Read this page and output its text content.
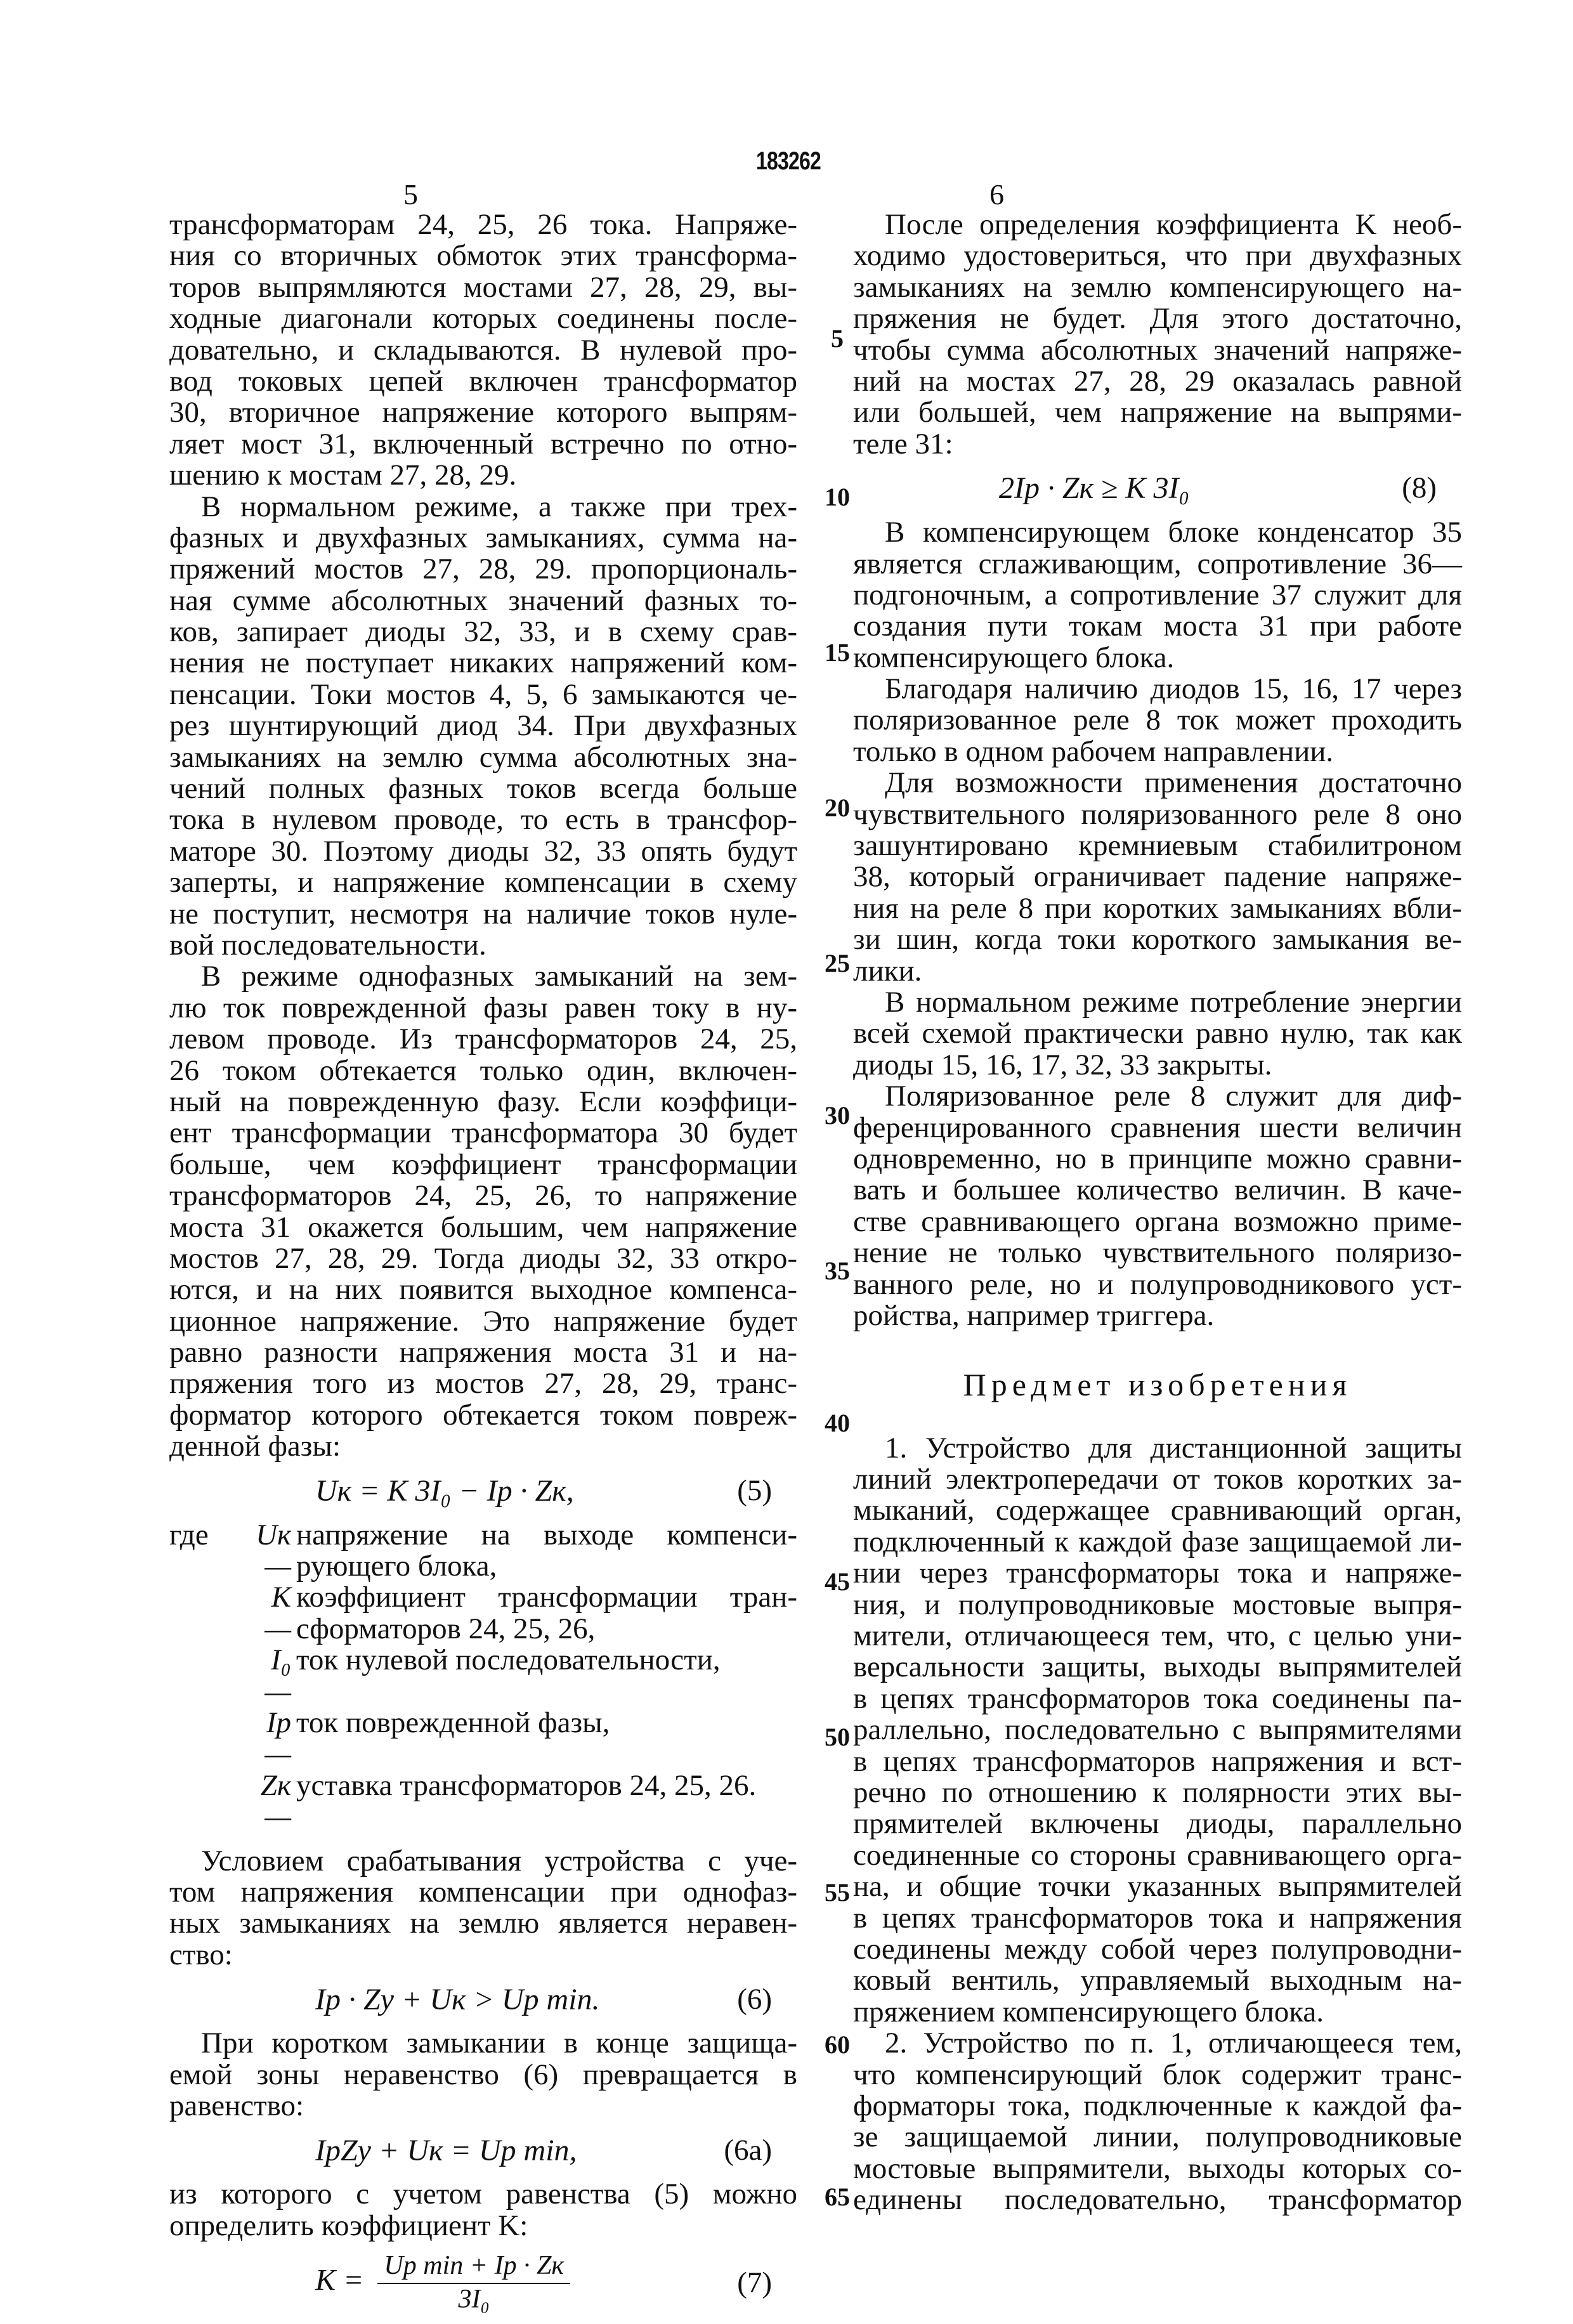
183262
5	6
5
10
15
20
25
30
35
40
45
50
55
60
65
трансформаторам 24, 25, 26 тока. Напряже-
ния со вторичных обмоток этих трансформа-
торов выпрямляются мостами 27, 28, 29, вы-
ходные диагонали которых соединены после-
довательно, и складываются. В нулевой про-
вод токовых цепей включен трансформатор
30, вторичное напряжение которого выпрям-
ляет мост 31, включенный встречно по отно-
шению к мостам 27, 28, 29.
В нормальном режиме, а также при трех-
фазных и двухфазных замыканиях, сумма на-
пряжений мостов 27, 28, 29. пропорциональ-
ная сумме абсолютных значений фазных то-
ков, запирает диоды 32, 33, и в схему срав-
нения не поступает никаких напряжений ком-
пенсации. Токи мостов 4, 5, 6 замыкаются че-
рез шунтирующий диод 34. При двухфазных
замыканиях на землю сумма абсолютных зна-
чений полных фазных токов всегда больше
тока в нулевом проводе, то есть в трансфор-
маторе 30. Поэтому диоды 32, 33 опять будут
заперты, и напряжение компенсации в схему
не поступит, несмотря на наличие токов нуле-
вой последовательности.
В режиме однофазных замыканий на зем-
лю ток поврежденной фазы равен току в ну-
левом проводе. Из трансформаторов 24, 25,
26 током обтекается только один, включен-
ный на поврежденную фазу. Если коэффици-
ент трансформации трансформатора 30 будет
больше, чем коэффициент трансформации
трансформаторов 24, 25, 26, то напряжение
моста 31 окажется большим, чем напряжение
мостов 27, 28, 29. Тогда диоды 32, 33 откро-
ются, и на них появится выходное компенса-
ционное напряжение. Это напряжение будет
равно разности напряжения моста 31 и на-
пряжения того из мостов 27, 28, 29, транс-
форматор которого обтекается током повреж-
денной фазы:
Uк = K 3I₀ − Iр · Zк,	(5)
где	Uк —
напряжение на выходе компенси-рующего блока,
K —
коэффициент трансформации тран-сформаторов 24, 25, 26,
I₀ —
ток нулевой последовательности,
Iр —
ток поврежденной фазы,
Zк —
уставка трансформаторов 24, 25, 26.
Условием срабатывания устройства с уче-
том напряжения компенсации при однофаз-
ных замыканиях на землю является неравен-
ство:
Iр · Zу + Uк > Uр min.	(6)
При коротком замыкании в конце защища-
емой зоны неравенство (6) превращается в
равенство:
IрZу + Uк = Uр min,	(6a)
из которого с учетом равенства (5) можно
определить коэффициент K:
$K = \frac{\text{Uр min + Iр · Zк}}{\text{3I₀}}$	(7)
После определения коэффициента K необ-
ходимо удостовериться, что при двухфазных
замыканиях на землю компенсирующего на-
пряжения не будет. Для этого достаточно,
чтобы сумма абсолютных значений напряже-
ний на мостах 27, 28, 29 оказалась равной
или большей, чем напряжение на выпрями-
теле 31:
2Iр · Zк ≥ K 3I₀	(8)
В компенсирующем блоке конденсатор 35
является сглаживающим, сопротивление 36—
подгоночным, а сопротивление 37 служит для
создания пути токам моста 31 при работе
компенсирующего блока.
Благодаря наличию диодов 15, 16, 17 через
поляризованное реле 8 ток может проходить
только в одном рабочем направлении.
Для возможности применения достаточно
чувствительного поляризованного реле 8 оно
зашунтировано кремниевым стабилитроном
38, который ограничивает падение напряже-
ния на реле 8 при коротких замыканиях вбли-
зи шин, когда токи короткого замыкания ве-
лики.
В нормальном режиме потребление энергии
всей схемой практически равно нулю, так как
диоды 15, 16, 17, 32, 33 закрыты.
Поляризованное реле 8 служит для диф-
ференцированного сравнения шести величин
одновременно, но в принципе можно сравни-
вать и большее количество величин. В каче-
стве сравнивающего органа возможно приме-
нение не только чувствительного поляризо-
ванного реле, но и полупроводникового уст-
ройства, например триггера.
Предмет изобретения
1. Устройство для дистанционной защиты
линий электропередачи от токов коротких за-
мыканий, содержащее сравнивающий орган,
подключенный к каждой фазе защищаемой ли-
нии через трансформаторы тока и напряже-
ния, и полупроводниковые мостовые выпря-
мители, отличающееся тем, что, с целью уни-
версальности защиты, выходы выпрямителей
в цепях трансформаторов тока соединены па-
раллельно, последовательно с выпрямителями
в цепях трансформаторов напряжения и вст-
речно по отношению к полярности этих вы-
прямителей включены диоды, параллельно
соединенные со стороны сравнивающего орга-
на, и общие точки указанных выпрямителей
в цепях трансформаторов тока и напряжения
соединены между собой через полупроводни-
ковый вентиль, управляемый выходным на-
пряжением компенсирующего блока.
2. Устройство по п. 1, отличающееся тем,
что компенсирующий блок содержит транс-
форматоры тока, подключенные к каждой фа-
зе защищаемой линии, полупроводниковые
мостовые выпрямители, выходы которых со-
единены последовательно, трансформатор
